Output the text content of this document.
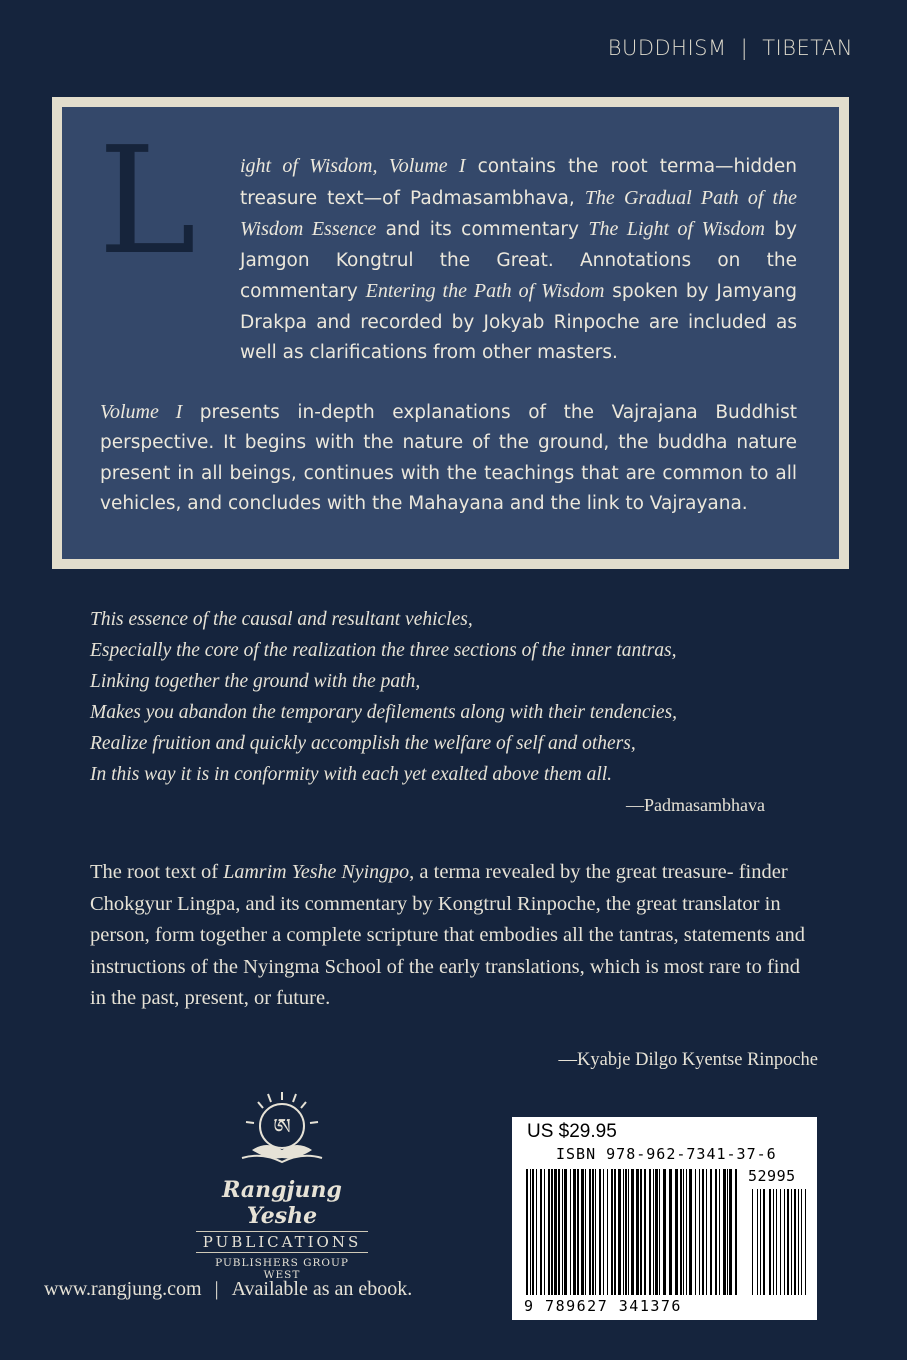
BUDDHISM | TIBETAN
L	ight of Wisdom, Volume I contains the root terma—hidden treasure text—of Padmasambhava, The Gradual Path of the Wisdom Essence and its commentary The Light of Wisdom by Jamgon Kongtrul the Great. Annotations on the commentary Entering the Path of Wisdom spoken by Jamyang Drakpa and recorded by Jokyab Rinpoche are included as well as clarifications from other masters.

Volume I presents in-depth explanations of the Vajrajana Buddhist perspective. It begins with the nature of the ground, the buddha nature present in all beings, continues with the teachings that are common to all vehicles, and concludes with the Mahayana and the link to Vajrayana.

This essence of the causal and resultant vehicles,
Especially the core of the realization the three sections of the inner tantras,
Linking together the ground with the path,
Makes you abandon the temporary defilements along with their tendencies,
Realize fruition and quickly accomplish the welfare of self and others,
In this way it is in conformity with each yet exalted above them all.
—Padmasambhava
The root text of Lamrim Yeshe Nyingpo, a terma revealed by the great treasure- finder Chokgyur Lingpa, and its commentary by Kongtrul Rinpoche, the great translator in person, form together a complete scripture that embodies all the tantras, statements and instructions of the Nyingma School of the early translations, which is most rare to find in the past, present, or future.
—Kyabje Dilgo Kyentse Rinpoche
ཨ
Rangjung Yeshe
PUBLICATIONS
PUBLISHERS GROUP WEST
www.rangjung.com | Available as an ebook.
US $29.95
ISBN 978-962-7341-37-6
52995
9 789627 341376
